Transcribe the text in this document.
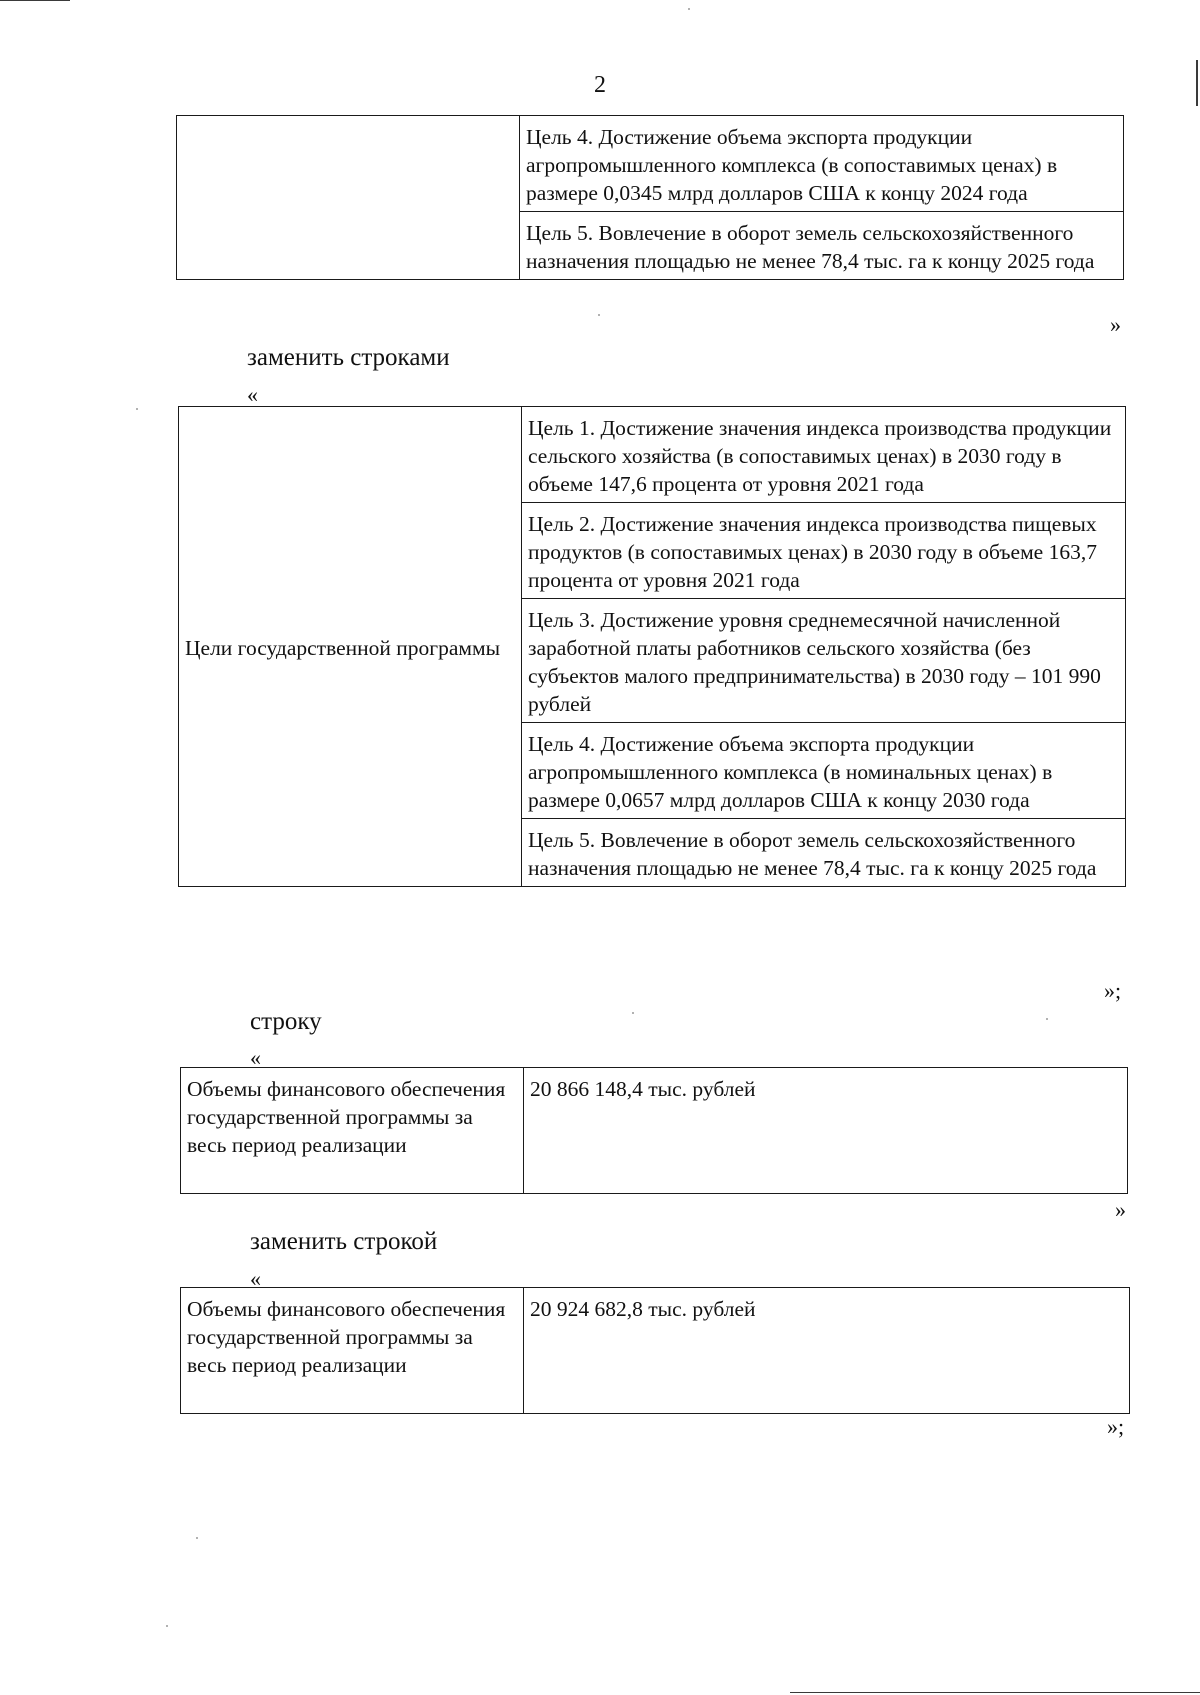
2
	Цель 4. Достижение объема экспорта продукции агропромышленного комплекса (в сопоставимых ценах) в размере 0,0345 млрд долларов США к концу 2024 года
Цель 5. Вовлечение в оборот земель сельскохозяйственного назначения площадью не менее 78,4 тыс. га к концу 2025 года
»
заменить строками
«
Цели государственной программы	Цель 1. Достижение значения индекса производства продукции сельского хозяйства (в сопоставимых ценах) в 2030 году в объеме 147,6 процента от уровня 2021 года
Цель 2. Достижение значения индекса производства пищевых продуктов (в сопоставимых ценах) в 2030 году в объеме 163,7 процента от уровня 2021 года
Цель 3. Достижение уровня среднемесячной начисленной заработной платы работников сельского хозяйства (без субъектов малого предпринимательства) в 2030 году – 101 990 рублей
Цель 4. Достижение объема экспорта продукции агропромышленного комплекса (в номинальных ценах) в размере 0,0657 млрд долларов США к концу 2030 года
Цель 5. Вовлечение в оборот земель сельскохозяйственного назначения площадью не менее 78,4 тыс. га к концу 2025 года
»;
строку
«
Объемы финансового обеспечения государственной программы за весь период реализации	20 866 148,4 тыс. рублей
»
заменить строкой
«
Объемы финансового обеспечения государственной программы за весь период реализации	20 924 682,8 тыс. рублей
»;
